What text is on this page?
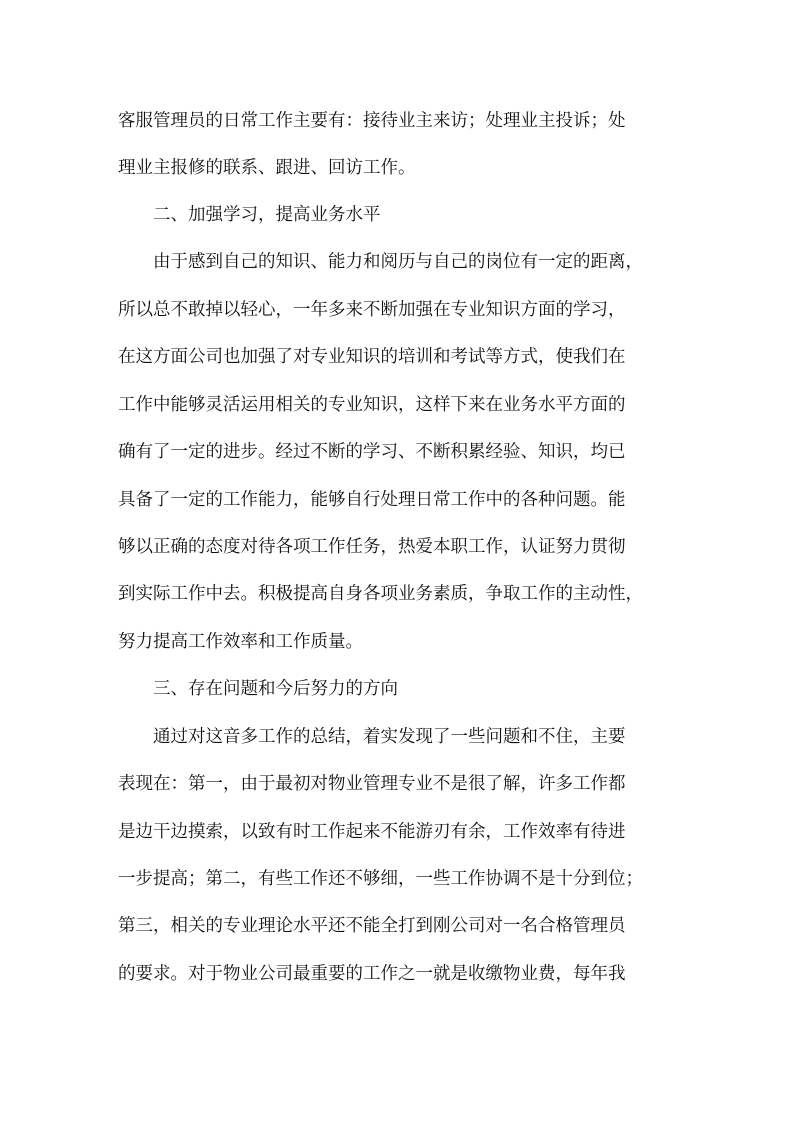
客服管理员的日常工作主要有：接待业主来访；处理业主投诉；处
理业主报修的联系、跟进、回访工作。
二、加强学习，提高业务水平
由于感到自己的知识、能力和阅历与自己的岗位有一定的距离，
所以总不敢掉以轻心，一年多来不断加强在专业知识方面的学习，
在这方面公司也加强了对专业知识的培训和考试等方式，使我们在
工作中能够灵活运用相关的专业知识，这样下来在业务水平方面的
确有了一定的进步。经过不断的学习、不断积累经验、知识，均已
具备了一定的工作能力，能够自行处理日常工作中的各种问题。能
够以正确的态度对待各项工作任务，热爱本职工作，认证努力贯彻
到实际工作中去。积极提高自身各项业务素质，争取工作的主动性，
努力提高工作效率和工作质量。
三、存在问题和今后努力的方向
通过对这音多工作的总结，着实发现了一些问题和不住，主要
表现在：第一，由于最初对物业管理专业不是很了解，许多工作都
是边干边摸索，以致有时工作起来不能游刃有余，工作效率有待进
一步提高；第二，有些工作还不够细，一些工作协调不是十分到位；
第三，相关的专业理论水平还不能全打到刚公司对一名合格管理员
的要求。对于物业公司最重要的工作之一就是收缴物业费，每年我
